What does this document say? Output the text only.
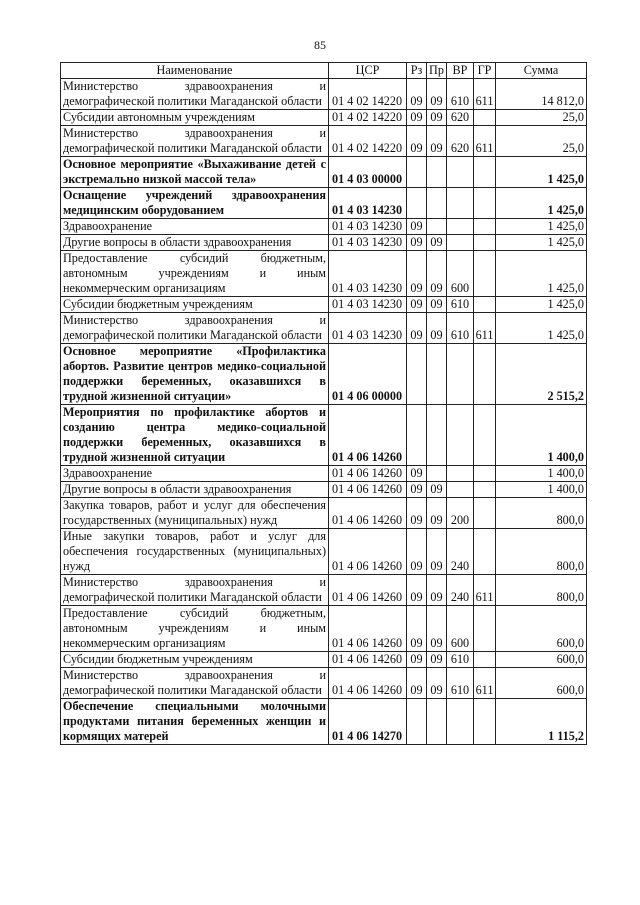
85
Наименование	ЦСР	Рз	Пр	ВР	ГР	Сумма
Министерство здравоохранения и демографической политики Магаданской области	01 4 02 14220	09	09	610	611	14 812,0
Субсидии автономным учреждениям	01 4 02 14220	09	09	620		25,0
Министерство здравоохранения и демографической политики Магаданской области	01 4 02 14220	09	09	620	611	25,0
Основное мероприятие «Выхаживание детей с экстремально низкой массой тела»	01 4 03 00000					1 425,0
Оснащение учреждений здравоохранения медицинским оборудованием	01 4 03 14230					1 425,0
Здравоохранение	01 4 03 14230	09				1 425,0
Другие вопросы в области здравоохранения	01 4 03 14230	09	09			1 425,0
Предоставление субсидий бюджетным, автономным учреждениям и иным некоммерческим организациям	01 4 03 14230	09	09	600		1 425,0
Субсидии бюджетным учреждениям	01 4 03 14230	09	09	610		1 425,0
Министерство здравоохранения и демографической политики Магаданской области	01 4 03 14230	09	09	610	611	1 425,0
Основное мероприятие «Профилактика абортов. Развитие центров медико-социальной поддержки беременных, оказавшихся в трудной жизненной ситуации»	01 4 06 00000					2 515,2
Мероприятия по профилактике абортов и созданию центра медико-социальной поддержки беременных, оказавшихся в трудной жизненной ситуации	01 4 06 14260					1 400,0
Здравоохранение	01 4 06 14260	09				1 400,0
Другие вопросы в области здравоохранения	01 4 06 14260	09	09			1 400,0
Закупка товаров, работ и услуг для обеспечения государственных (муниципальных) нужд	01 4 06 14260	09	09	200		800,0
Иные закупки товаров, работ и услуг для обеспечения государственных (муниципальных) нужд	01 4 06 14260	09	09	240		800,0
Министерство здравоохранения и демографической политики Магаданской области	01 4 06 14260	09	09	240	611	800,0
Предоставление субсидий бюджетным, автономным учреждениям и иным некоммерческим организациям	01 4 06 14260	09	09	600		600,0
Субсидии бюджетным учреждениям	01 4 06 14260	09	09	610		600,0
Министерство здравоохранения и демографической политики Магаданской области	01 4 06 14260	09	09	610	611	600,0
Обеспечение специальными молочными продуктами питания беременных женщин и кормящих матерей	01 4 06 14270					1 115,2
